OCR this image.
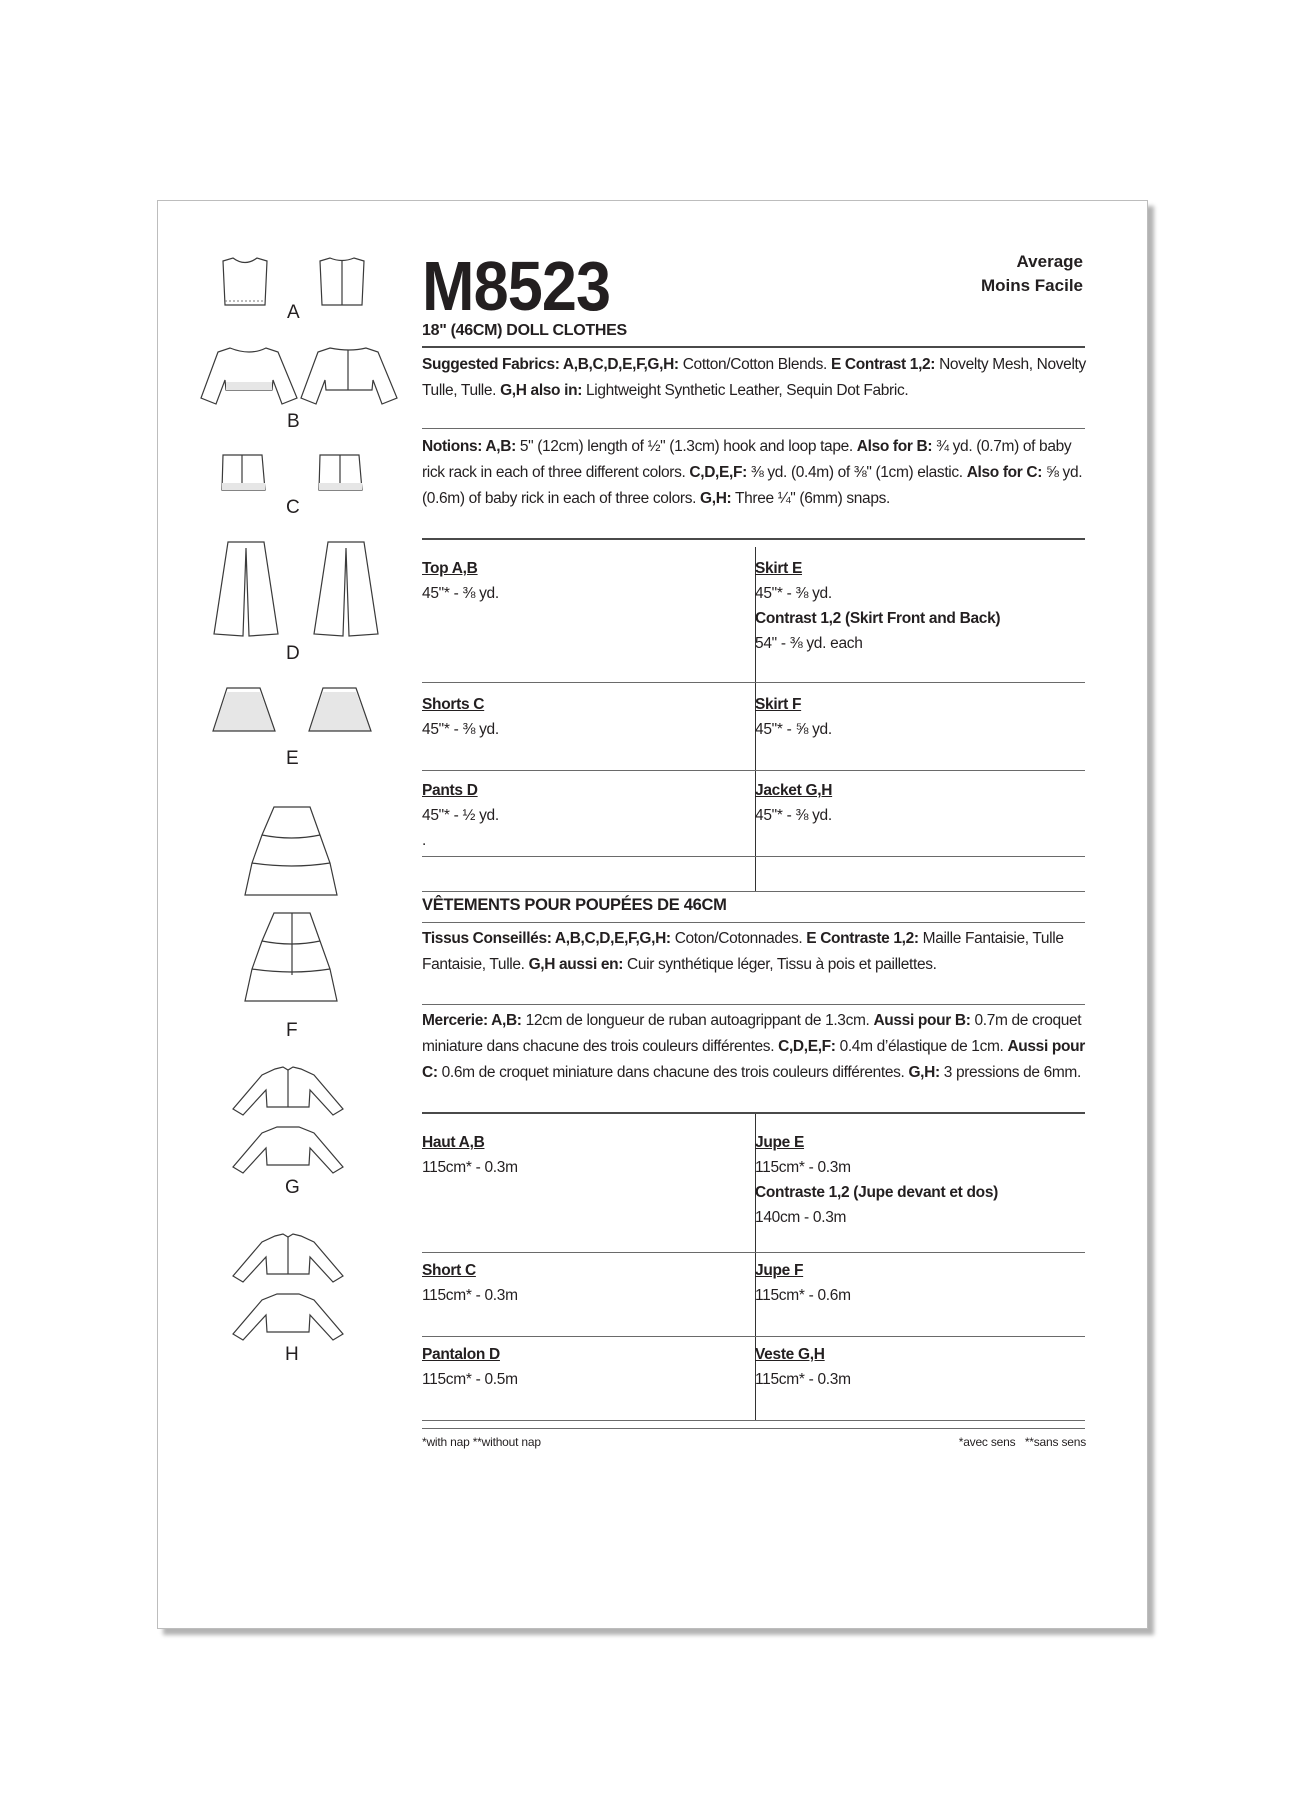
M8523	Average
Moins Facile
18" (46CM) DOLL CLOTHES
Suggested Fabrics: A,B,C,D,E,F,G,H: Cotton/Cotton Blends. E Contrast 1,2: Novelty Mesh, Novelty Tulle, Tulle. G,H also in: Lightweight Synthetic Leather, Sequin Dot Fabric.
Notions: A,B: 5" (12cm) length of ½" (1.3cm) hook and loop tape. Also for B: ¾ yd. (0.7m) of baby rick rack in each of three different colors. C,D,E,F: ⅜ yd. (0.4m) of ⅜" (1cm) elastic. Also for C: ⅝ yd. (0.6m) of baby rick in each of three colors. G,H: Three ¼" (6mm) snaps.
Top A,B
45"* - ⅜ yd.
Skirt E
45"* - ⅜ yd.
Contrast 1,2 (Skirt Front and Back)
54" - ⅜ yd. each
Shorts C
45"* - ⅜ yd.
Skirt F
45"* - ⅝ yd.
Pants D
45"* - ½ yd.
.
Jacket G,H
45"* - ⅜ yd.
VÊTEMENTS POUR POUPÉES DE 46CM
Tissus Conseillés: A,B,C,D,E,F,G,H: Coton/Cotonnades. E Contraste 1,2: Maille Fantaisie, Tulle Fantaisie, Tulle. G,H aussi en: Cuir synthétique léger, Tissu à pois et paillettes.
Mercerie: A,B: 12cm de longueur de ruban autoagrippant de 1.3cm. Aussi pour B: 0.7m de croquet miniature dans chacune des trois couleurs différentes. C,D,E,F: 0.4m d’élastique de 1cm. Aussi pour C: 0.6m de croquet miniature dans chacune des trois couleurs différentes. G,H: 3 pressions de 6mm.
Haut A,B
115cm* - 0.3m
Jupe E
115cm* - 0.3m
Contraste 1,2 (Jupe devant et dos)
140cm - 0.3m
Short C
115cm* - 0.3m
Jupe F
115cm* - 0.6m
Pantalon D
115cm* - 0.5m
Veste G,H
115cm* - 0.3m
*with nap **without nap	*avec sens   **sans sens
A
B
C
D
E
F
G
H
